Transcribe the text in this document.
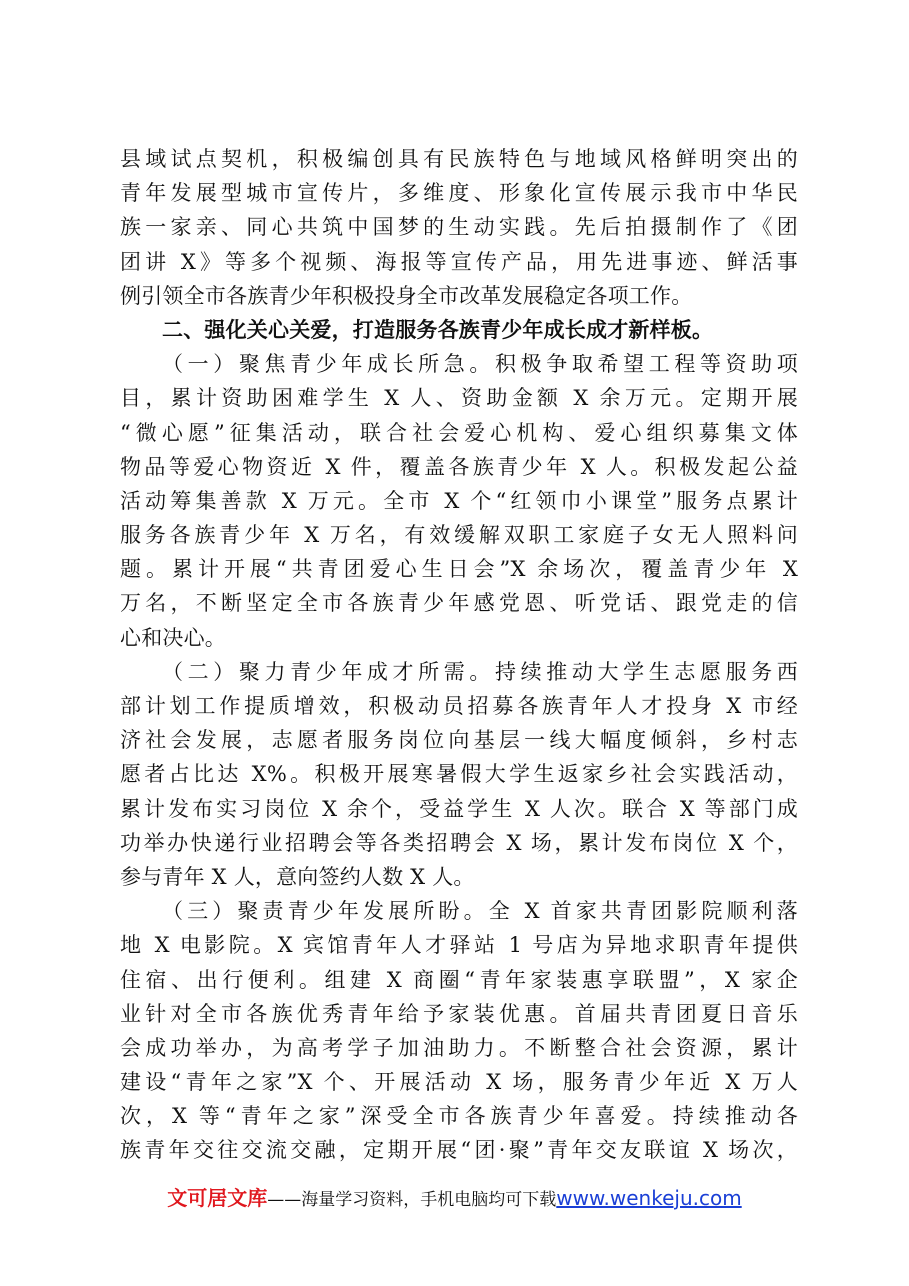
县域试点契机，积极编创具有民族特色与地域风格鲜明突出的
青年发展型城市宣传片，多维度、形象化宣传展示我市中华民
族一家亲、同心共筑中国梦的生动实践。先后拍摄制作了《团
团讲 X》等多个视频、海报等宣传产品，用先进事迹、鲜活事
例引领全市各族青少年积极投身全市改革发展稳定各项工作。
二、强化关心关爱，打造服务各族青少年成长成才新样板。
（一）聚焦青少年成长所急。积极争取希望工程等资助项
目，累计资助困难学生 X 人、资助金额 X 余万元。定期开展
“微心愿”征集活动，联合社会爱心机构、爱心组织募集文体
物品等爱心物资近 X 件，覆盖各族青少年 X 人。积极发起公益
活动筹集善款 X 万元。全市 X 个“红领巾小课堂”服务点累计
服务各族青少年 X 万名，有效缓解双职工家庭子女无人照料问
题。累计开展“共青团爱心生日会”X 余场次，覆盖青少年 X
万名，不断坚定全市各族青少年感党恩、听党话、跟党走的信
心和决心。
（二）聚力青少年成才所需。持续推动大学生志愿服务西
部计划工作提质增效，积极动员招募各族青年人才投身 X 市经
济社会发展，志愿者服务岗位向基层一线大幅度倾斜，乡村志
愿者占比达 X%。积极开展寒暑假大学生返家乡社会实践活动，
累计发布实习岗位 X 余个，受益学生 X 人次。联合 X 等部门成
功举办快递行业招聘会等各类招聘会 X 场，累计发布岗位 X 个，
参与青年 X 人，意向签约人数 X 人。
（三）聚责青少年发展所盼。全 X 首家共青团影院顺利落
地 X 电影院。X 宾馆青年人才驿站 1 号店为异地求职青年提供
住宿、出行便利。组建 X 商圈“青年家装惠享联盟”，X 家企
业针对全市各族优秀青年给予家装优惠。首届共青团夏日音乐
会成功举办，为高考学子加油助力。不断整合社会资源，累计
建设“青年之家”X 个、开展活动 X 场，服务青少年近 X 万人
次，X 等“青年之家”深受全市各族青少年喜爱。持续推动各
族青年交往交流交融，定期开展“团·聚”青年交友联谊 X 场次，
文可居文库——海量学习资料，手机电脑均可下载www.wenkeju.com
